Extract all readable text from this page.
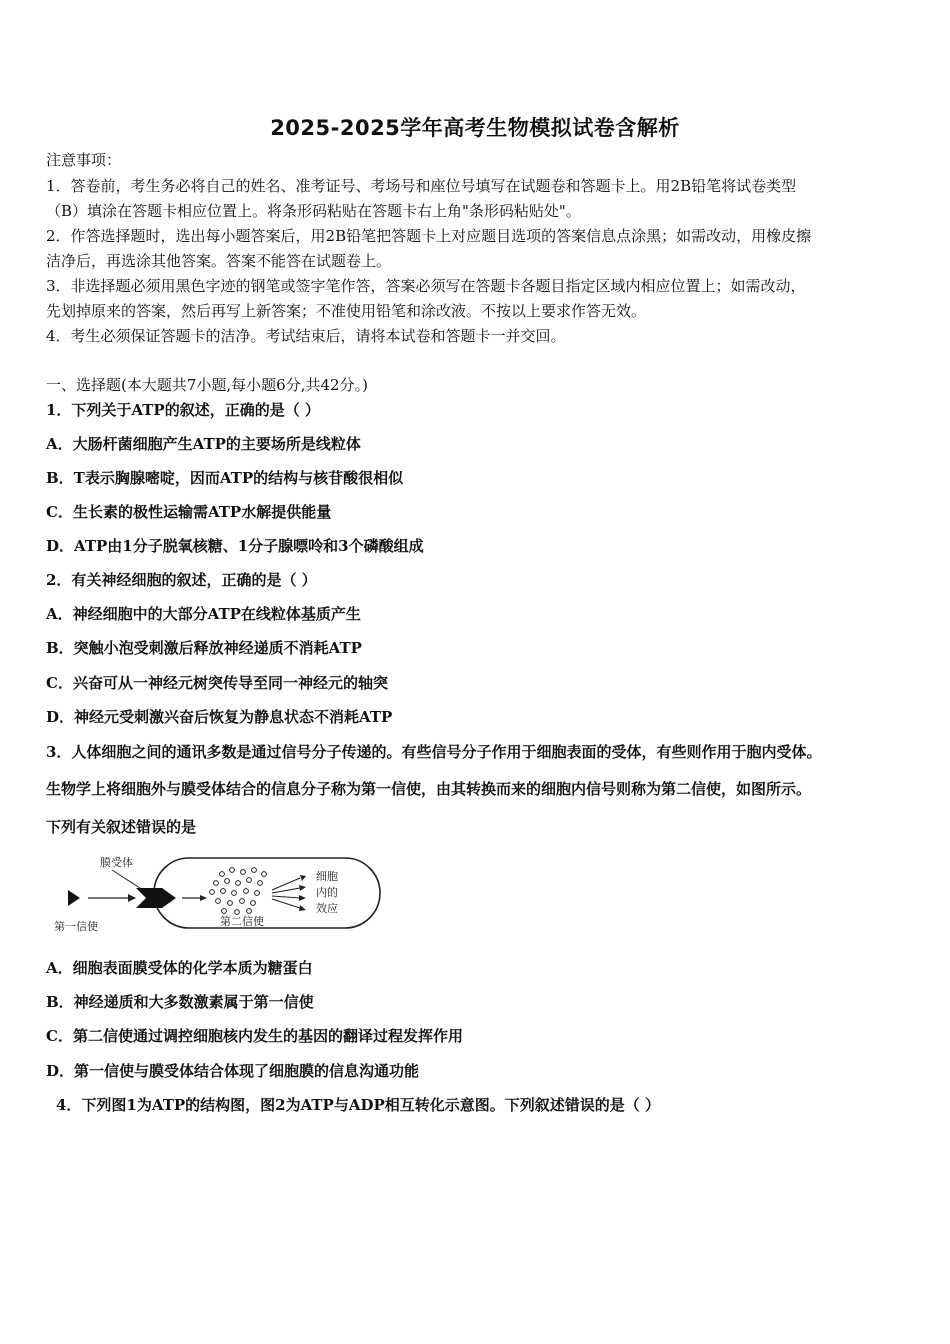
2025-2025学年高考生物模拟试卷含解析
注意事项：
1．答卷前，考生务必将自己的姓名、准考证号、考场号和座位号填写在试题卷和答题卡上。用2B铅笔将试卷类型
（B）填涂在答题卡相应位置上。将条形码粘贴在答题卡右上角"条形码粘贴处"。
2．作答选择题时，选出每小题答案后，用2B铅笔把答题卡上对应题目选项的答案信息点涂黑；如需改动，用橡皮擦
洁净后，再选涂其他答案。答案不能答在试题卷上。
3．非选择题必须用黑色字迹的钢笔或签字笔作答，答案必须写在答题卡各题目指定区域内相应位置上；如需改动，
先划掉原来的答案，然后再写上新答案；不准使用铅笔和涂改液。不按以上要求作答无效。
4．考生必须保证答题卡的洁净。考试结束后，请将本试卷和答题卡一并交回。
一、选择题(本大题共7小题,每小题6分,共42分。)
1．下列关于ATP的叙述，正确的是（ ）
A．大肠杆菌细胞产生ATP的主要场所是线粒体
B．T表示胸腺嘧啶，因而ATP的结构与核苷酸很相似
C．生长素的极性运输需ATP水解提供能量
D．ATP由1分子脱氧核糖、1分子腺嘌呤和3个磷酸组成
2．有关神经细胞的叙述，正确的是（ ）
A．神经细胞中的大部分ATP在线粒体基质产生
B．突触小泡受刺激后释放神经递质不消耗ATP
C．兴奋可从一神经元树突传导至同一神经元的轴突
D．神经元受刺激兴奋后恢复为静息状态不消耗ATP
3．人体细胞之间的通讯多数是通过信号分子传递的。有些信号分子作用于细胞表面的受体，有些则作用于胞内受体。
生物学上将细胞外与膜受体结合的信息分子称为第一信使，由其转换而来的细胞内信号则称为第二信使，如图所示。
下列有关叙述错误的是
膜受体
第一信使	第二信使
细胞
内的
效应
A．细胞表面膜受体的化学本质为糖蛋白
B．神经递质和大多数激素属于第一信使
C．第二信使通过调控细胞核内发生的基因的翻译过程发挥作用
D．第一信使与膜受体结合体现了细胞膜的信息沟通功能
4．下列图1为ATP的结构图，图2为ATP与ADP相互转化示意图。下列叙述错误的是（ ）
